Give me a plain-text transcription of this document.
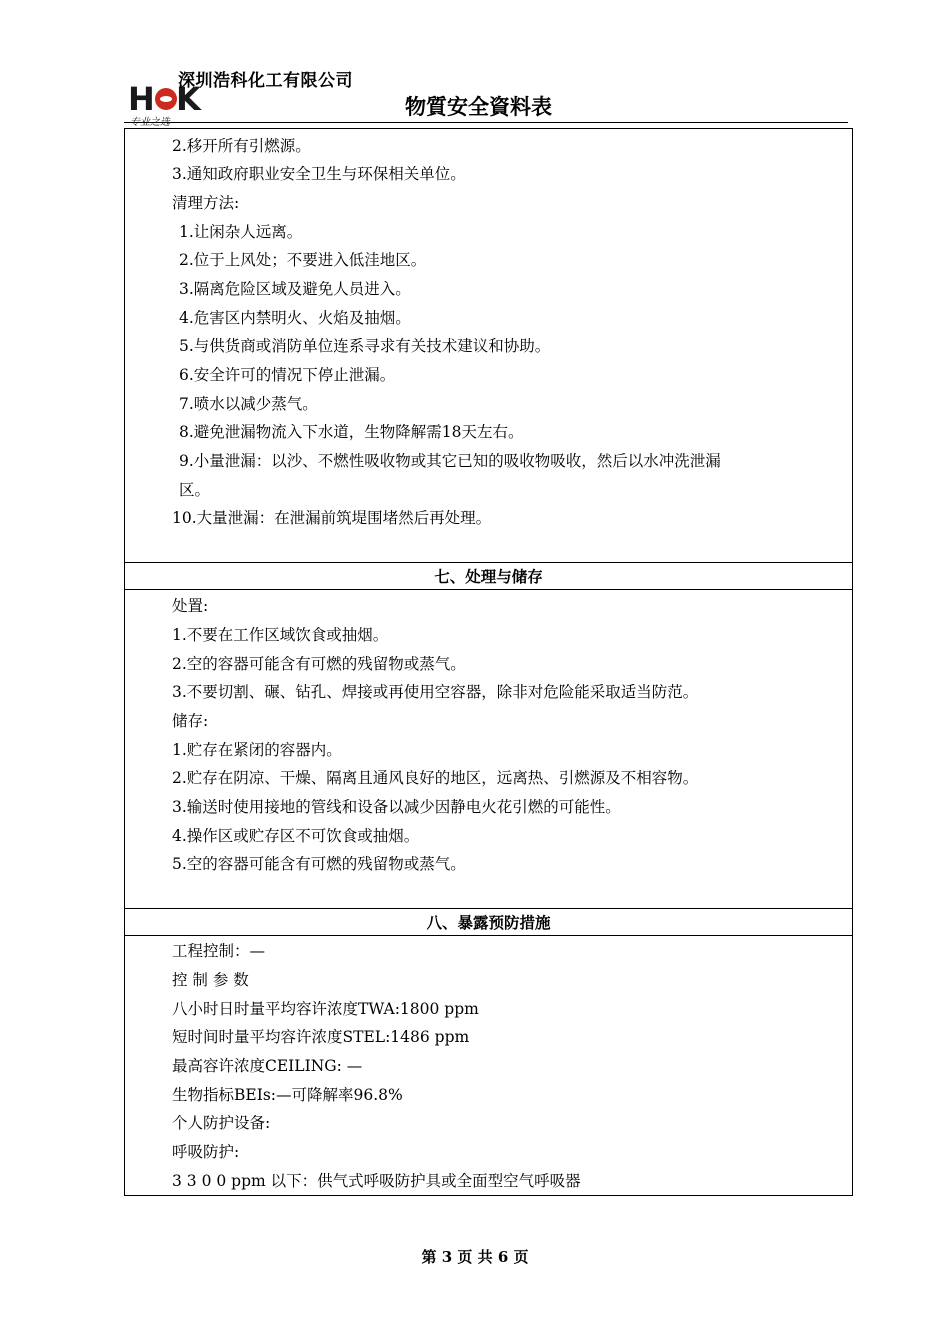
H K
专业之选
深圳浩科化工有限公司
物質安全資料表
2.移开所有引燃源。
3.通知政府职业安全卫生与环保相关单位。
清理方法:
1.让闲杂人远离。
2.位于上风处；不要进入低洼地区。
3.隔离危险区域及避免人员进入。
4.危害区内禁明火、火焰及抽烟。
5.与供货商或消防单位连系寻求有关技术建议和协助。
6.安全许可的情况下停止泄漏。
7.喷水以减少蒸气。
8.避免泄漏物流入下水道，生物降解需18天左右。
9.小量泄漏：以沙、不燃性吸收物或其它已知的吸收物吸收，然后以水冲洗泄漏
区。
10.大量泄漏：在泄漏前筑堤围堵然后再处理。
七、处理与储存
处置:
1.不要在工作区域饮食或抽烟。
2.空的容器可能含有可燃的残留物或蒸气。
3.不要切割、碾、钻孔、焊接或再使用空容器，除非对危险能采取适当防范。
储存:
1.贮存在紧闭的容器内。
2.贮存在阴凉、干燥、隔离且通风良好的地区，远离热、引燃源及不相容物。
3.输送时使用接地的管线和设备以减少因静电火花引燃的可能性。
4.操作区或贮存区不可饮食或抽烟。
5.空的容器可能含有可燃的残留物或蒸气。
八、暴露预防措施
工程控制：—
控 制 参 数
八小时日时量平均容许浓度TWA:1800 ppm
短时间时量平均容许浓度STEL:1486 ppm
最高容许浓度CEILING: —
生物指标BEIs:—可降解率96.8%
个人防护设备:
呼吸防护:
3 3 0 0 ppm 以下：供气式呼吸防护具或全面型空气呼吸器
第 3 页 共 6 页
